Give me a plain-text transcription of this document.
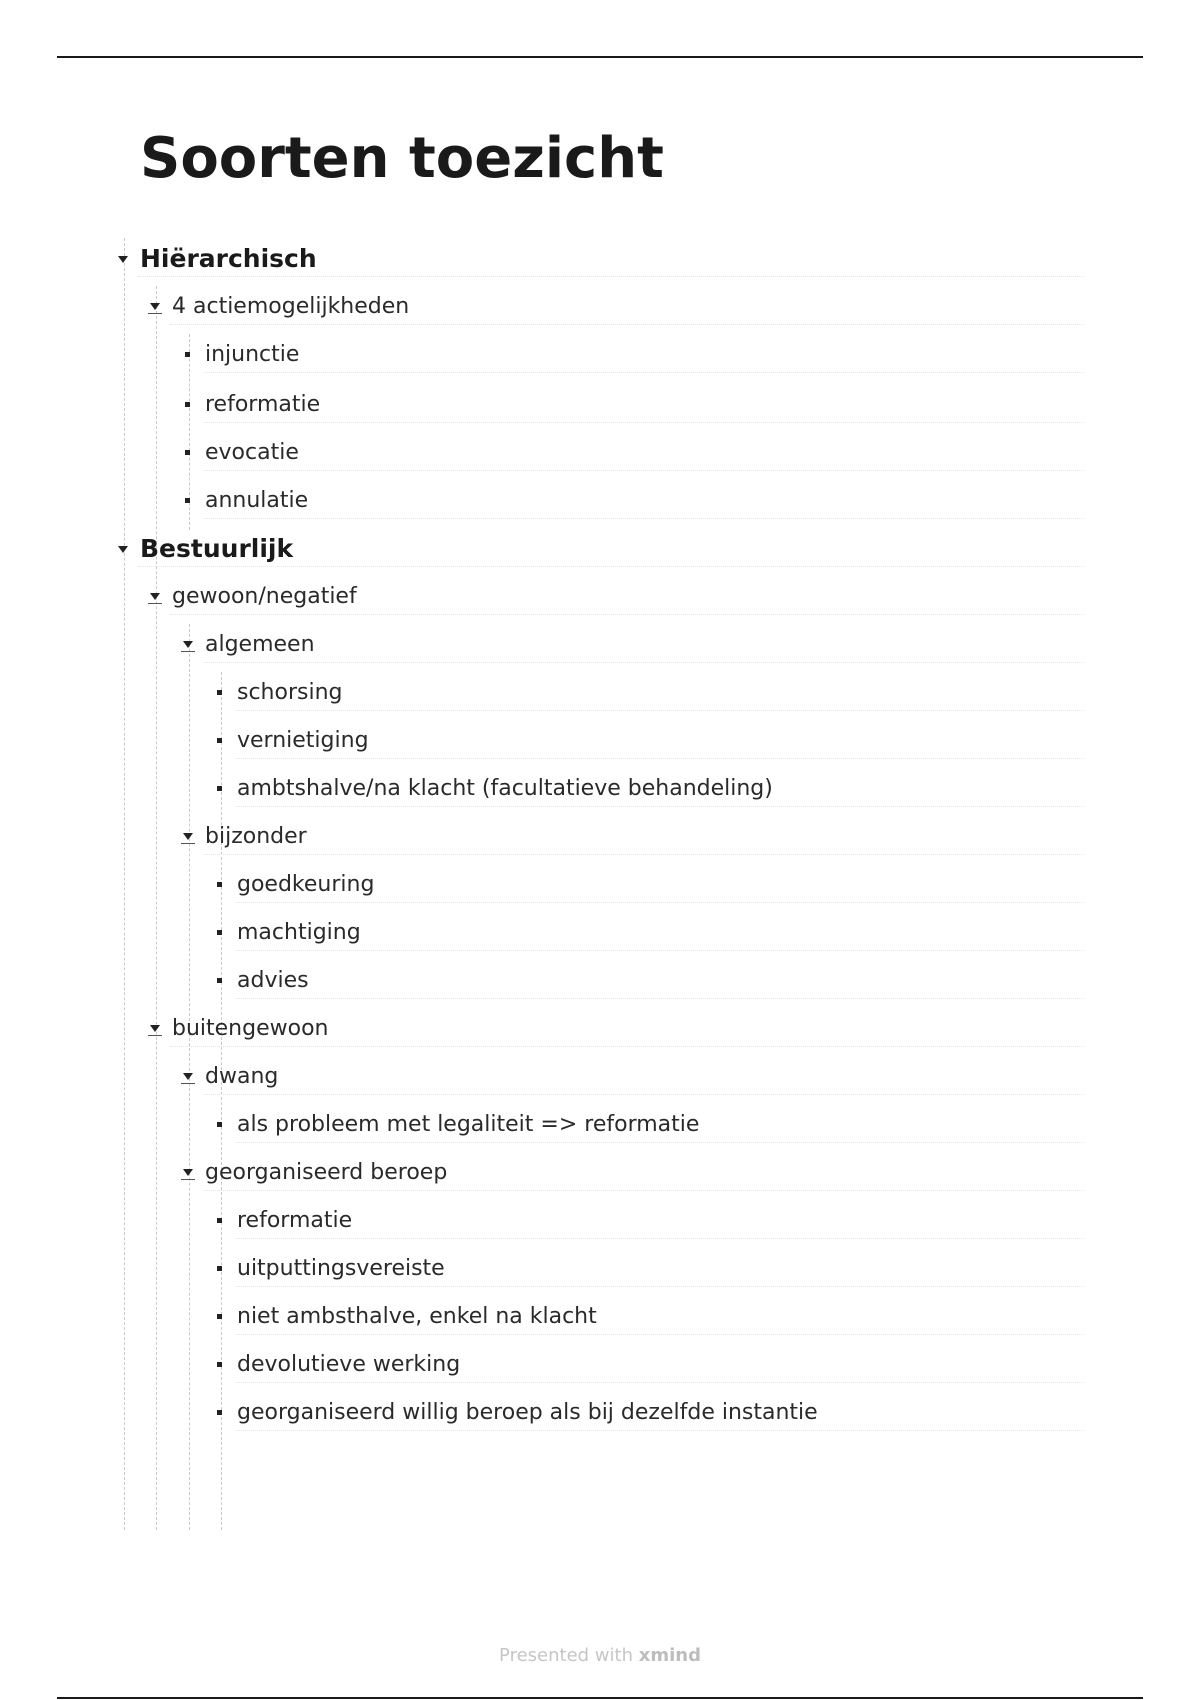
Soorten toezicht
Hiërarchisch
4 actiemogelijkheden
injunctie
reformatie
evocatie
annulatie
Bestuurlijk
gewoon/negatief
algemeen
schorsing
vernietiging
ambtshalve/na klacht (facultatieve behandeling)
bijzonder
goedkeuring
machtiging
advies
buitengewoon
dwang
als probleem met legaliteit => reformatie
georganiseerd beroep
reformatie
uitputtingsvereiste
niet ambsthalve, enkel na klacht
devolutieve werking
georganiseerd willig beroep als bij dezelfde instantie
Presented with xmind
